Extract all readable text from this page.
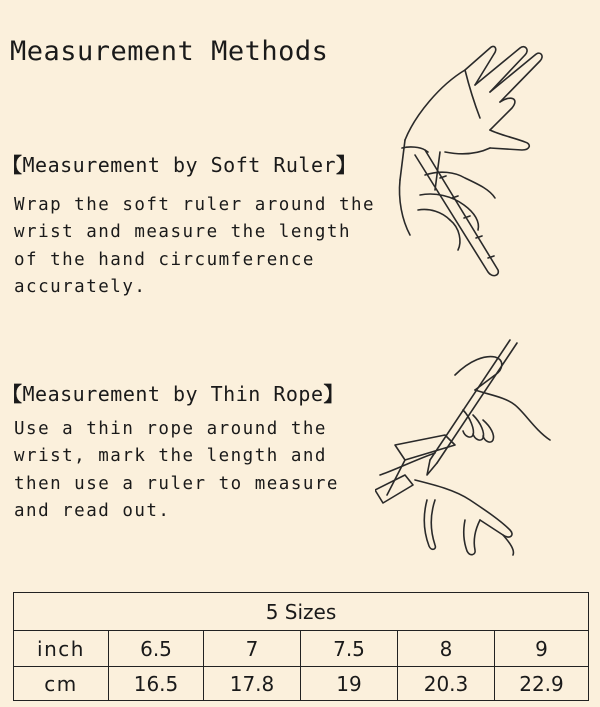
Measurement Methods
【Measurement by Soft Ruler】
Wrap the soft ruler around the
wrist and measure the length
of the hand circumference
accurately.
【Measurement by Thin Rope】
Use a thin rope around the
wrist, mark the length and
then use a ruler to measure
and read out.
5 Sizes					
inch	6.5	7	7.5	8	9
cm	16.5	17.8	19	20.3	22.9
